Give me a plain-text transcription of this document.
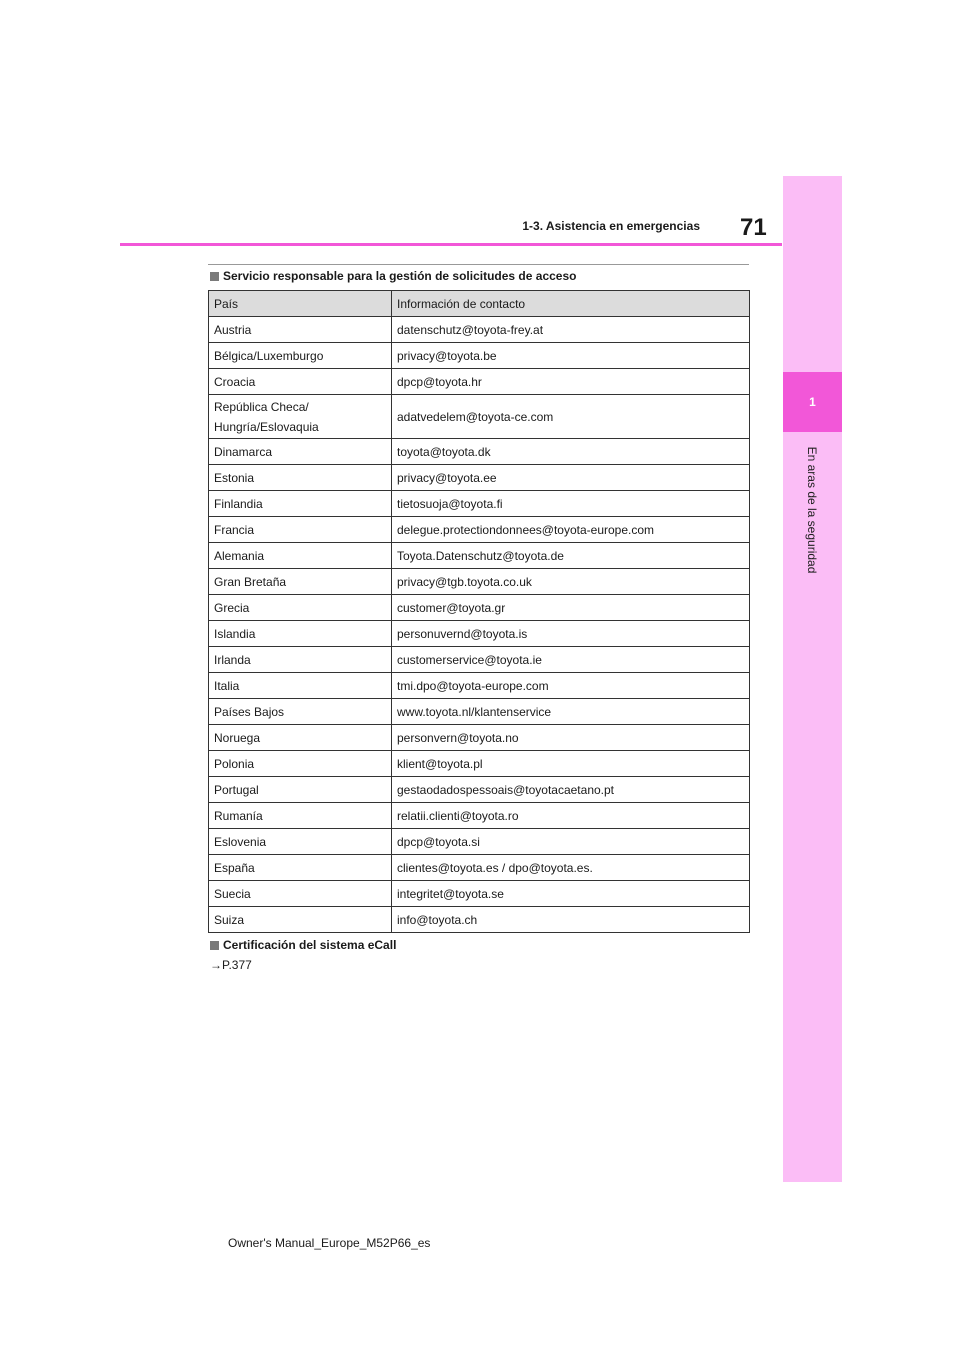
1
En aras de la seguridad
71
1-3. Asistencia en emergencias
Servicio responsable para la gestión de solicitudes de acceso
País	Información de contacto
Austria	datenschutz@toyota-frey.at
Bélgica/Luxemburgo	privacy@toyota.be
Croacia	dpcp@toyota.hr
República Checa/ Hungría/Eslovaquia	adatvedelem@toyota-ce.com
Dinamarca	toyota@toyota.dk
Estonia	privacy@toyota.ee
Finlandia	tietosuoja@toyota.fi
Francia	delegue.protectiondonnees@toyota-europe.com
Alemania	Toyota.Datenschutz@toyota.de
Gran Bretaña	privacy@tgb.toyota.co.uk
Grecia	customer@toyota.gr
Islandia	personuvernd@toyota.is
Irlanda	customerservice@toyota.ie
Italia	tmi.dpo@toyota-europe.com
Países Bajos	www.toyota.nl/klantenservice
Noruega	personvern@toyota.no
Polonia	klient@toyota.pl
Portugal	gestaodadospessoais@toyotacaetano.pt
Rumanía	relatii.clienti@toyota.ro
Eslovenia	dpcp@toyota.si
España	clientes@toyota.es / dpo@toyota.es.
Suecia	integritet@toyota.se
Suiza	info@toyota.ch
Certificación del sistema eCall
→P.377
Owner's Manual_Europe_M52P66_es
